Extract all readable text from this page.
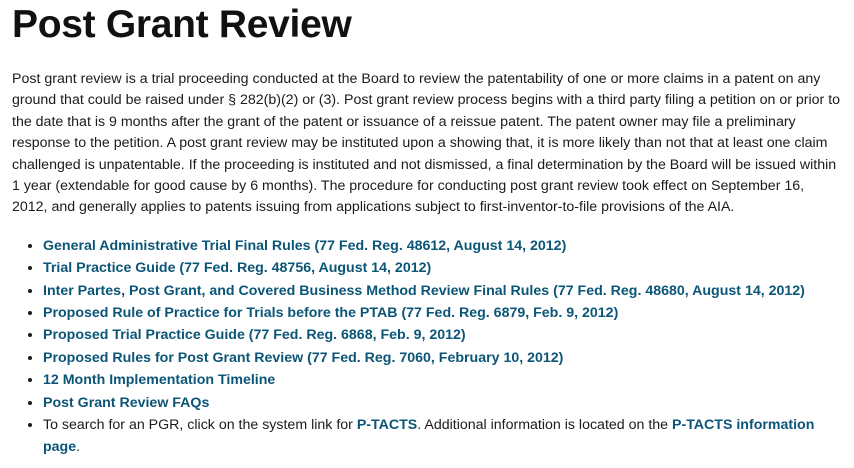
Post Grant Review

Post grant review is a trial proceeding conducted at the Board to review the patentability of one or more claims in a patent on any ground that could be raised under § 282(b)(2) or (3). Post grant review process begins with a third party filing a petition on or prior to the date that is 9 months after the grant of the patent or issuance of a reissue patent. The patent owner may file a preliminary response to the petition. A post grant review may be instituted upon a showing that, it is more likely than not that at least one claim challenged is unpatentable. If the proceeding is instituted and not dismissed, a final determination by the Board will be issued within 1 year (extendable for good cause by 6 months). The procedure for conducting post grant review took effect on September 16, 2012, and generally applies to patents issuing from applications subject to first-inventor-to-file provisions of the AIA.

• General Administrative Trial Final Rules (77 Fed. Reg. 48612, August 14, 2012)
• Trial Practice Guide (77 Fed. Reg. 48756, August 14, 2012)
• Inter Partes, Post Grant, and Covered Business Method Review Final Rules (77 Fed. Reg. 48680, August 14, 2012)
• Proposed Rule of Practice for Trials before the PTAB (77 Fed. Reg. 6879, Feb. 9, 2012)
• Proposed Trial Practice Guide (77 Fed. Reg. 6868, Feb. 9, 2012)
• Proposed Rules for Post Grant Review (77 Fed. Reg. 7060, February 10, 2012)
• 12 Month Implementation Timeline
• Post Grant Review FAQs
• To search for an PGR, click on the system link for P-TACTS. Additional information is located on the P-TACTS information page.
